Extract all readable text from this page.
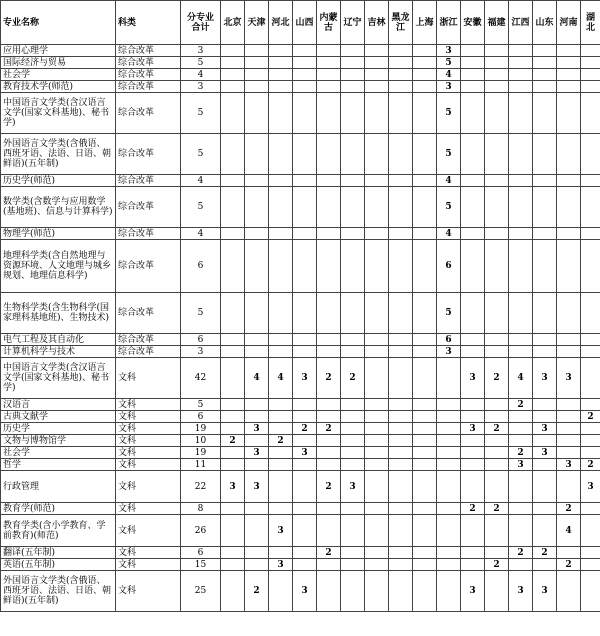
专业名称	科类	分专业合计	北京	天津	河北	山西	内蒙古	辽宁	吉林	黑龙江	上海	浙江	安徽	福建	江西	山东	河南	湖北
应用心理学	综合改革	3										3						
国际经济与贸易	综合改革	5										5						
社会学	综合改革	4										4						
教育技术学(师范)	综合改革	3										3						
中国语言文学类(含汉语言文学(国家文科基地)、秘书学)	综合改革	5										5						
外国语言文学类(含俄语、西班牙语、法语、日语、朝鲜语)(五年制)	综合改革	5										5						
历史学(师范)	综合改革	4										4						
数学类(含数学与应用数学(基地班)、信息与计算科学)	综合改革	5										5						
物理学(师范)	综合改革	4										4						
地理科学类(含自然地理与资源环境、人文地理与城乡规划、地理信息科学)	综合改革	6										6						
生物科学类(含生物科学(国家理科基地班)、生物技术)	综合改革	5										5						
电气工程及其自动化	综合改革	6										6						
计算机科学与技术	综合改革	3										3						
中国语言文学类(含汉语言文学(国家文科基地)、秘书学)	文科	42		4	4	3	2	2					3	2	4	3	3	
汉语言	文科	5													2			
古典文献学	文科	6																2
历史学	文科	19		3		2	2						3	2		3		
文物与博物馆学	文科	10	2		2													
社会学	文科	19		3		3									2	3		
哲学	文科	11													3		3	2
行政管理	文科	22	3	3			2	3										3
教育学(师范)	文科	8											2	2			2	
教育学类(含小学教育、学前教育)(师范)	文科	26			3												4	
翻译(五年制)	文科	6					2								2	2		
英语(五年制)	文科	15			3									2			2	
外国语言文学类(含俄语、西班牙语、法语、日语、朝鲜语)(五年制)	文科	25		2		3							3		3	3		
